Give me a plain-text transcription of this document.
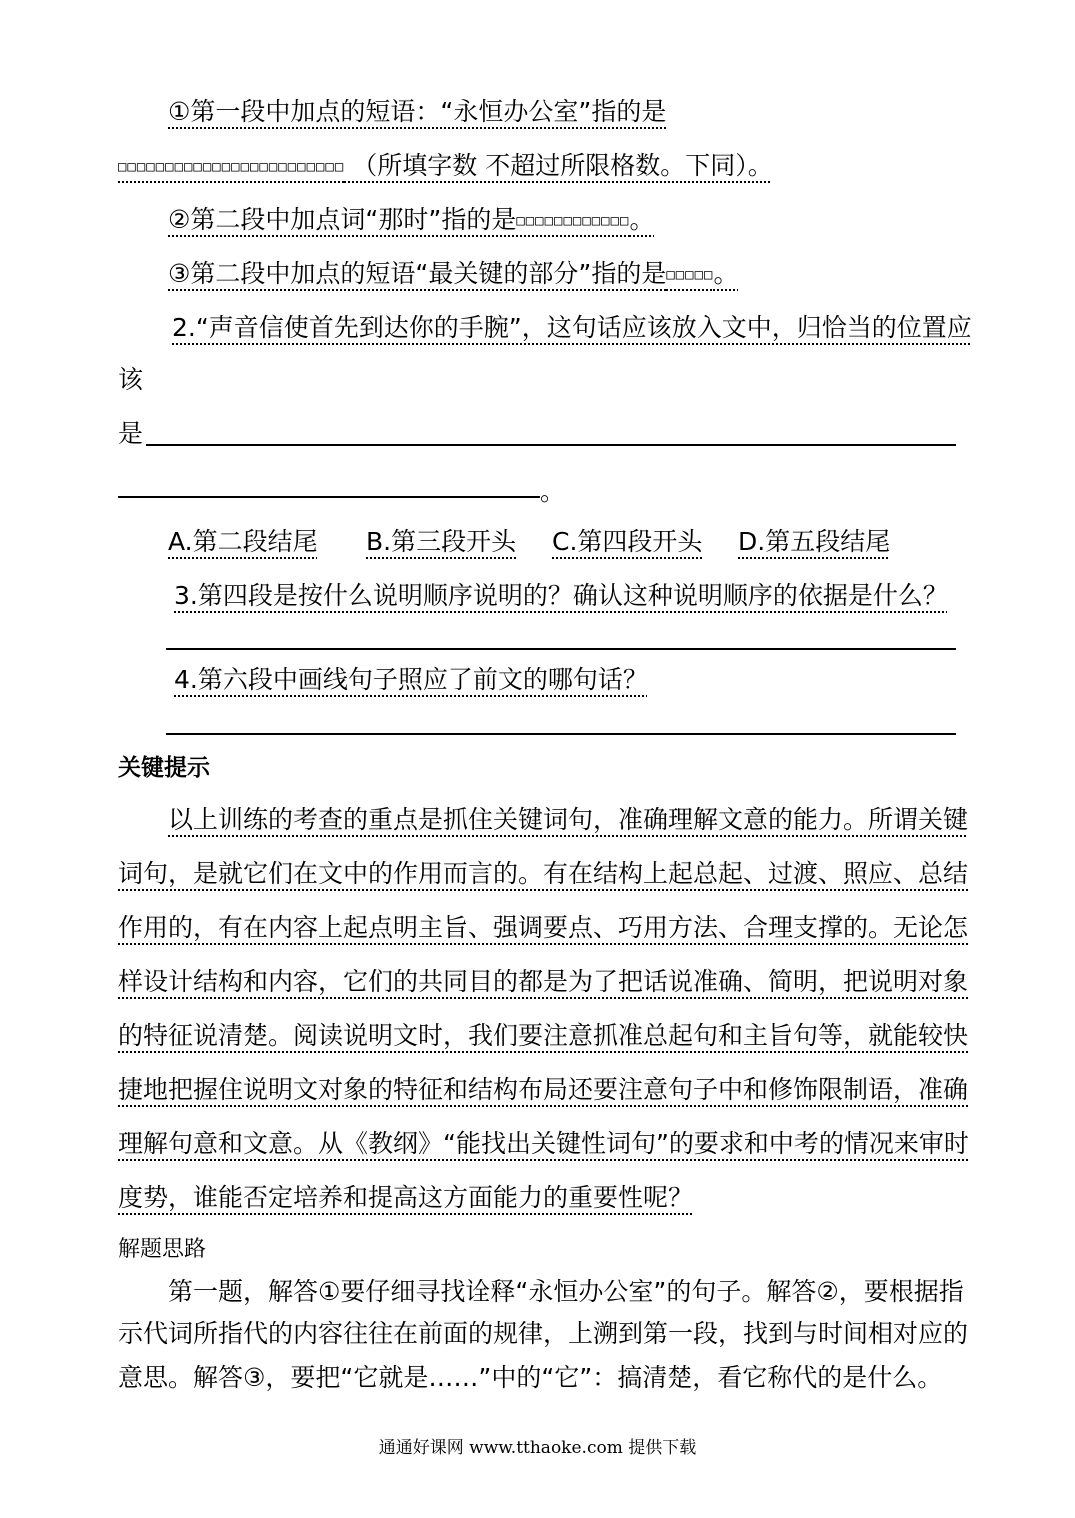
①第一段中加点的短语：“永恒办公室”指的是
□□□□□□□□□□□□□□□□□□□□□□□□ （所填字数 不超过所限格数。下同）。
②第二段中加点词“那时”指的是□□□□□□□□□□□□。
③第二段中加点的短语“最关键的部分”指的是□□□□□。
2.“声音信使首先到达你的手腕”，这句话应该放入文中，归恰当的位置应
该
是
。
A.第二段结尾 B.第三段开头 C.第四段开头 D.第五段结尾
3.第四段是按什么说明顺序说明的？确认这种说明顺序的依据是什么？
4.第六段中画线句子照应了前文的哪句话？
关键提示
以上训练的考查的重点是抓住关键词句，准确理解文意的能力。所谓关键
词句，是就它们在文中的作用而言的。有在结构上起总起、过渡、照应、总结
作用的，有在内容上起点明主旨、强调要点、巧用方法、合理支撑的。无论怎
样设计结构和内容，它们的共同目的都是为了把话说准确、简明，把说明对象
的特征说清楚。阅读说明文时，我们要注意抓准总起句和主旨句等，就能较快
捷地把握住说明文对象的特征和结构布局还要注意句子中和修饰限制语，准确
理解句意和文意。从《教纲》“能找出关键性词句”的要求和中考的情况来审时
度势，谁能否定培养和提高这方面能力的重要性呢？
解题思路
第一题，解答①要仔细寻找诠释“永恒办公室”的句子。解答②，要根据指
示代词所指代的内容往往在前面的规律，上溯到第一段，找到与时间相对应的
意思。解答③，要把“它就是……”中的“它”：搞清楚，看它称代的是什么。
通通好课网 www.tthaoke.com 提供下载
